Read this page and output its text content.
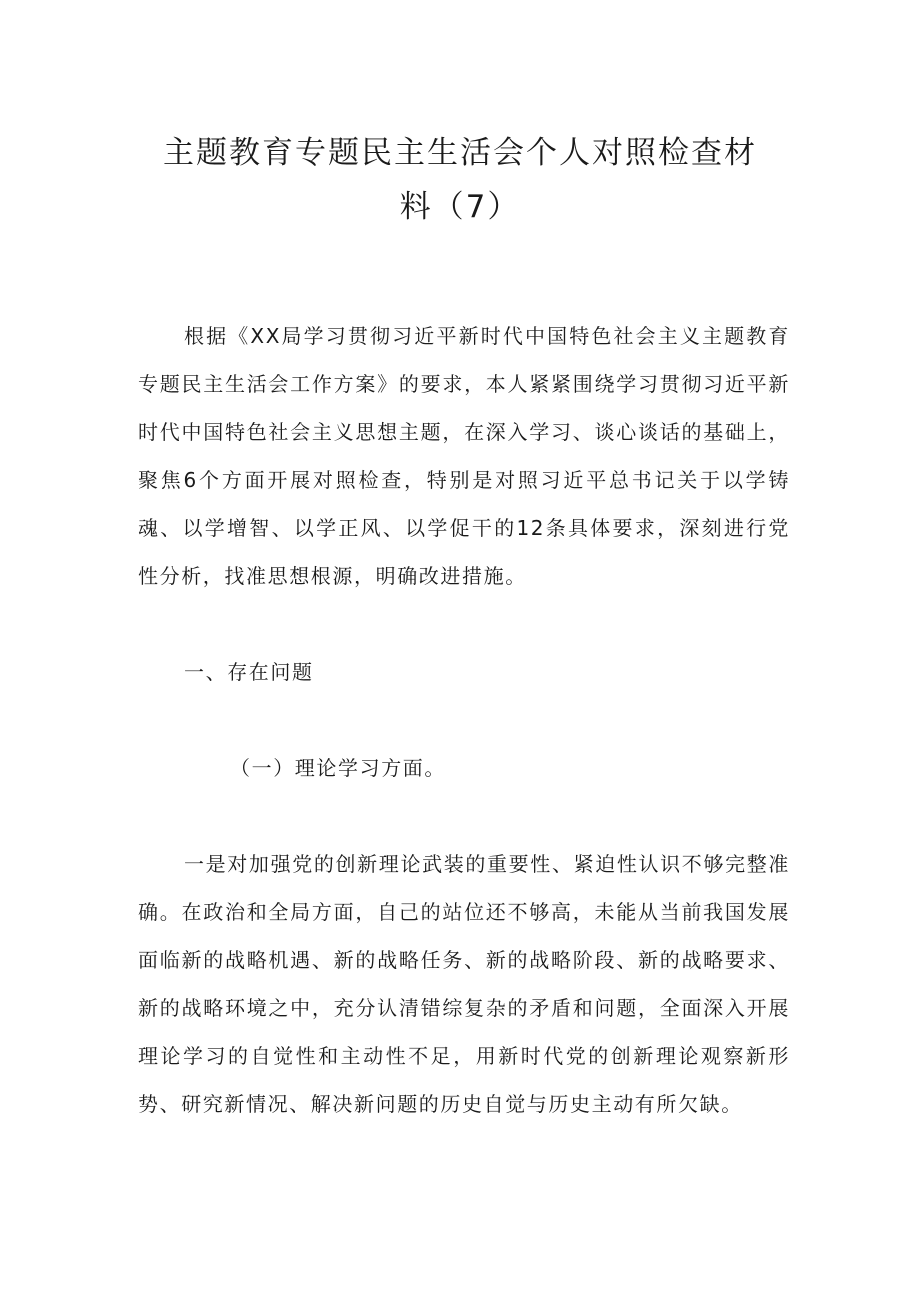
主题教育专题民主生活会个人对照检查材
料（7）

根据《XX局学习贯彻习近平新时代中国特色社会主义主题教育专题民主生活会工作方案》的要求，本人紧紧围绕学习贯彻习近平新时代中国特色社会主义思想主题，在深入学习、谈心谈话的基础上，聚焦6个方面开展对照检查，特别是对照习近平总书记关于以学铸魂、以学增智、以学正风、以学促干的12条具体要求，深刻进行党性分析，找准思想根源，明确改进措施。

一、存在问题

（一）理论学习方面。

一是对加强党的创新理论武装的重要性、紧迫性认识不够完整准确。在政治和全局方面，自己的站位还不够高，未能从当前我国发展面临新的战略机遇、新的战略任务、新的战略阶段、新的战略要求、新的战略环境之中，充分认清错综复杂的矛盾和问题，全面深入开展理论学习的自觉性和主动性不足，用新时代党的创新理论观察新形势、研究新情况、解决新问题的历史自觉与历史主动有所欠缺。
